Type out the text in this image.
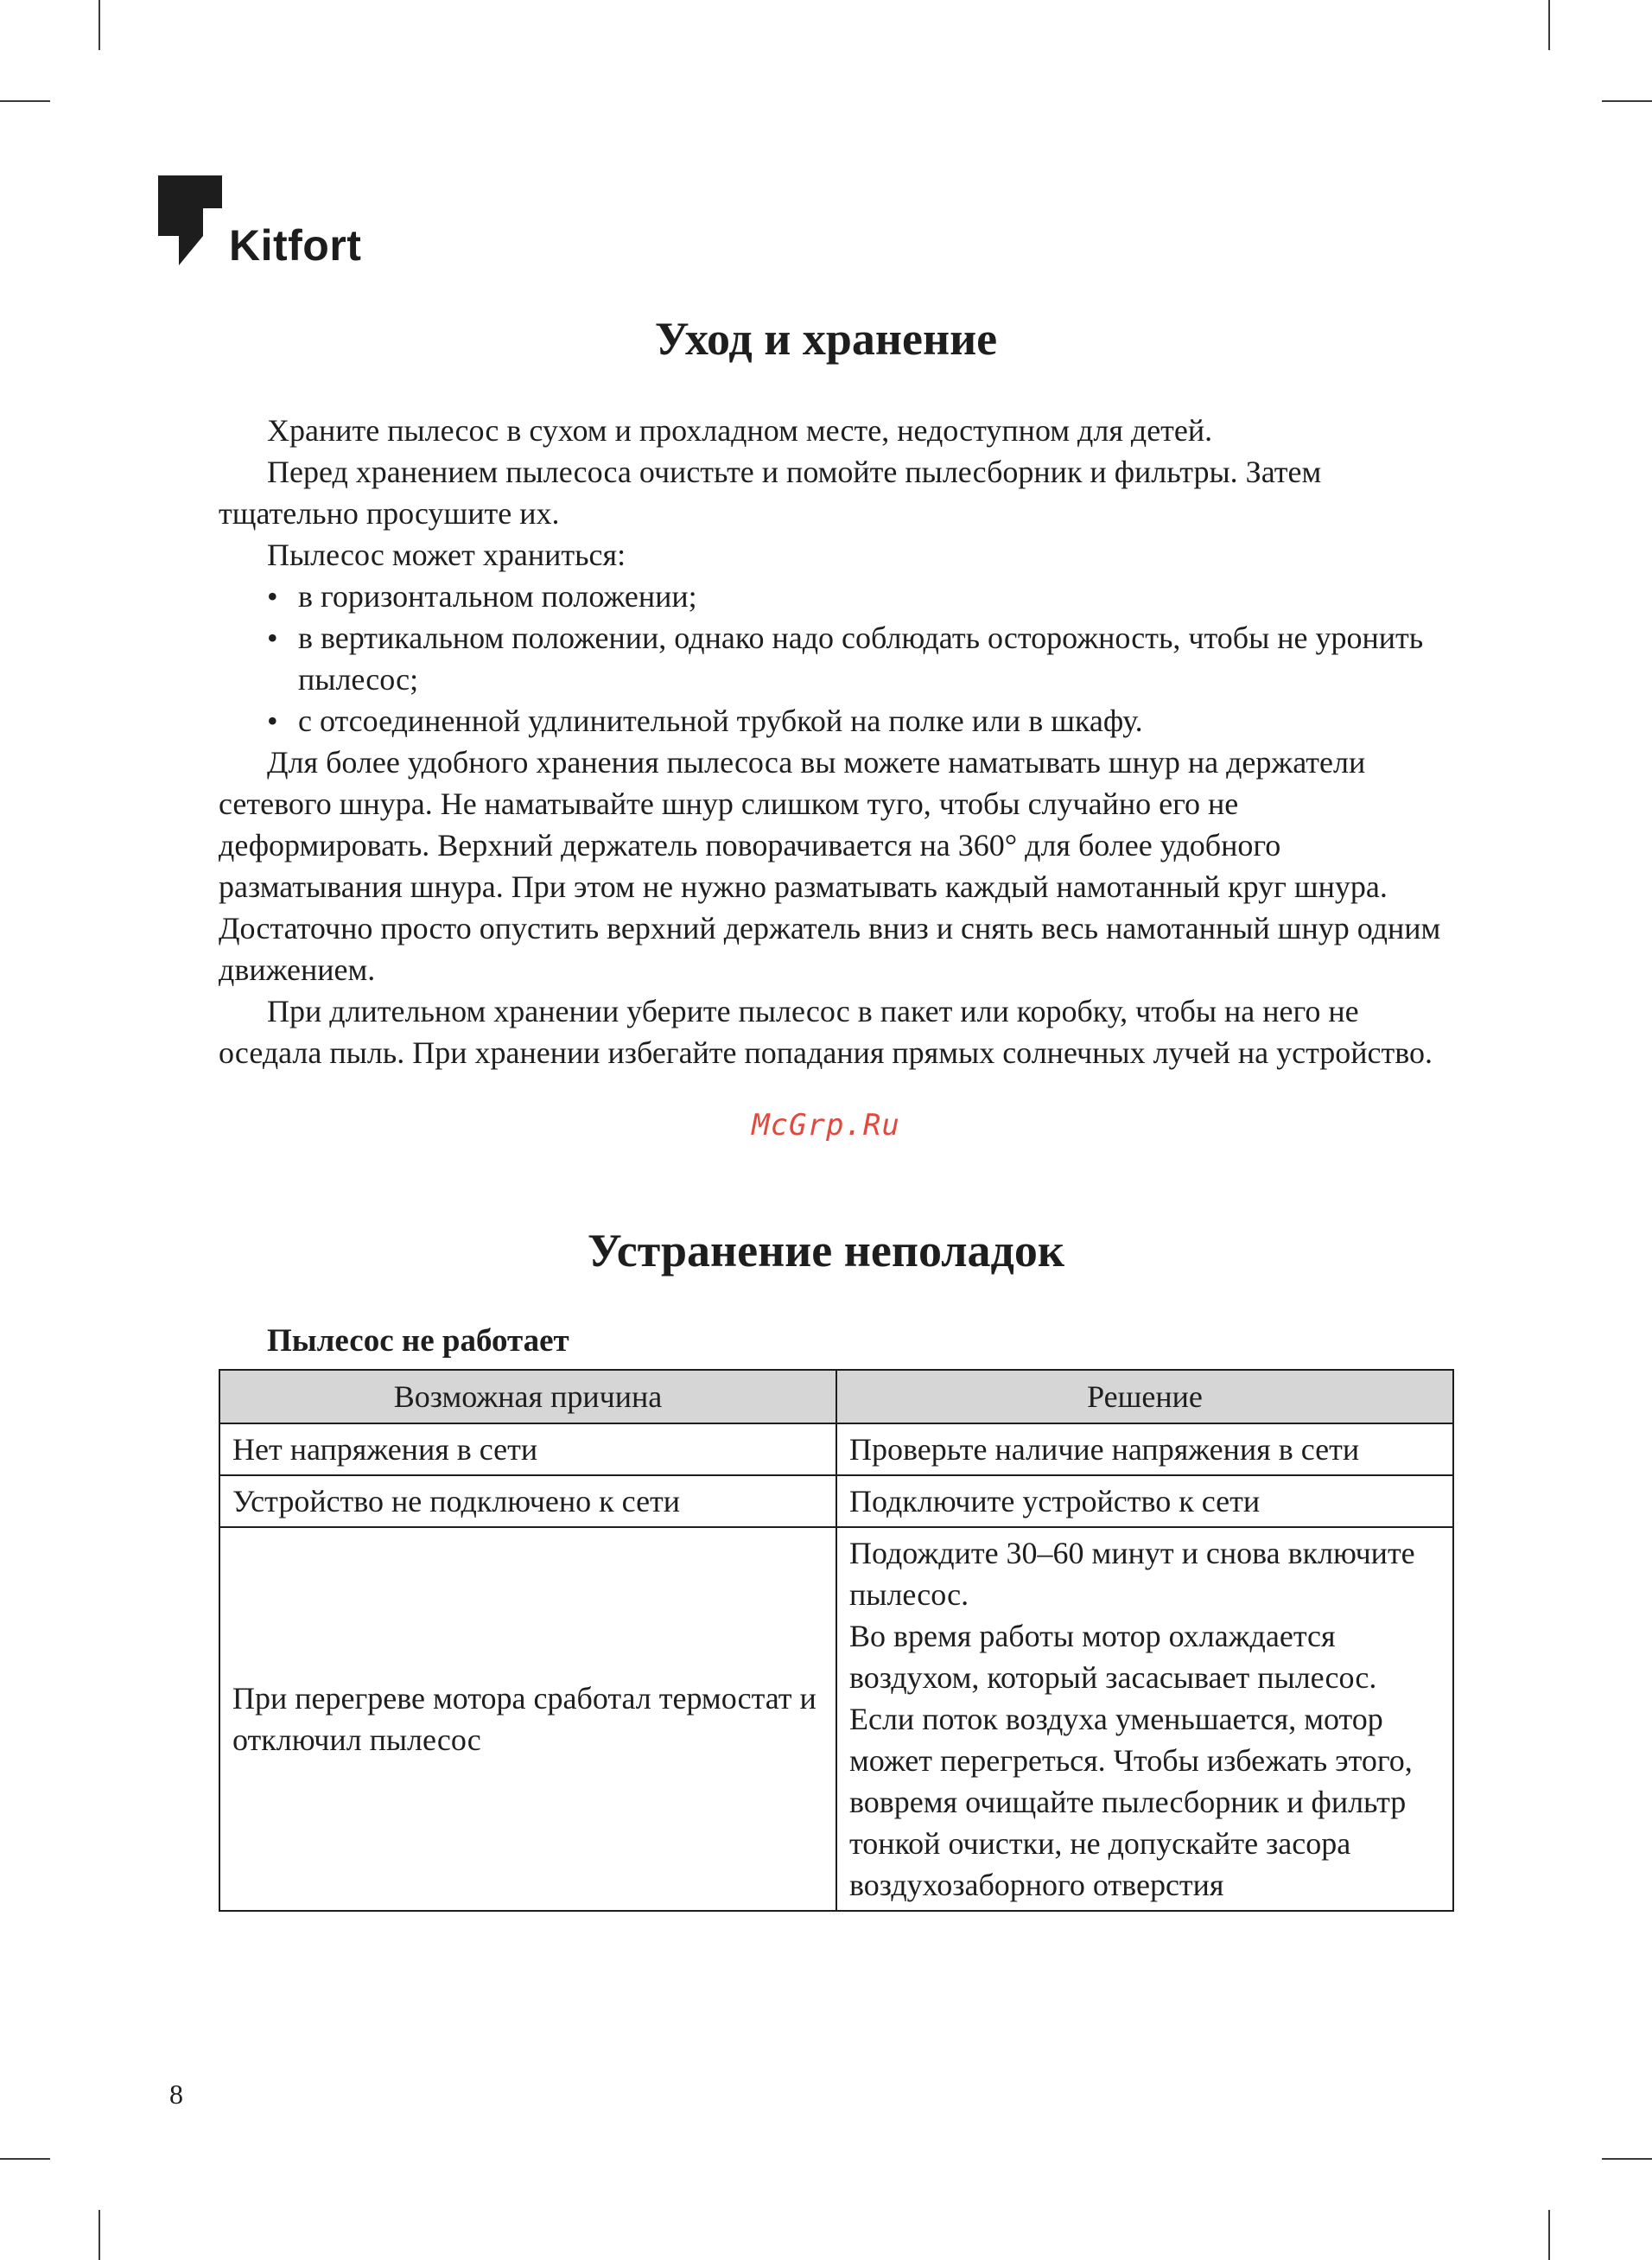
Kitfort
Уход и хранение

Храните пылесос в сухом и прохладном месте, недоступном для детей.

Перед хранением пылесоса очистьте и помойте пылесборник и фильтры. Затем тщательно просушите их.

Пылесос может храниться:

• в горизонтальном положении;
• в вертикальном положении, однако надо соблюдать осторожность, чтобы не уронить пылесос;
• с отсоединенной удлинительной трубкой на полке или в шкафу.

Для более удобного хранения пылесоса вы можете наматывать шнур на держатели сетевого шнура. Не наматывайте шнур слишком туго, чтобы случайно его не деформировать. Верхний держатель поворачивается на 360° для более удобного разматывания шнура. При этом не нужно разматывать каждый намотанный круг шнура. Достаточно просто опустить верхний держатель вниз и снять весь намотанный шнур одним движением.

При длительном хранении уберите пылесос в пакет или коробку, чтобы на него не оседала пыль. При хранении избегайте попадания прямых солнечных лучей на устройство.

McGrp.Ru
Устранение неполадок
Пылесос не работает
Возможная причина	Решение
Нет напряжения в сети	Проверьте наличие напряжения в сети

Устройство не подключено к сети	Подключите устройство к сети

При перегреве мотора сработал термостат и отключил пылесос	Подождите 30–60 минут и снова включите пылесос.
Во время работы мотор охлаждается воздухом, который засасывает пылесос. Если поток воздуха уменьшается, мотор может перегреться. Чтобы избежать этого, вовремя очищайте пылесборник и фильтр тонкой очистки, не допускайте засора воздухозаборного отверстия
8
